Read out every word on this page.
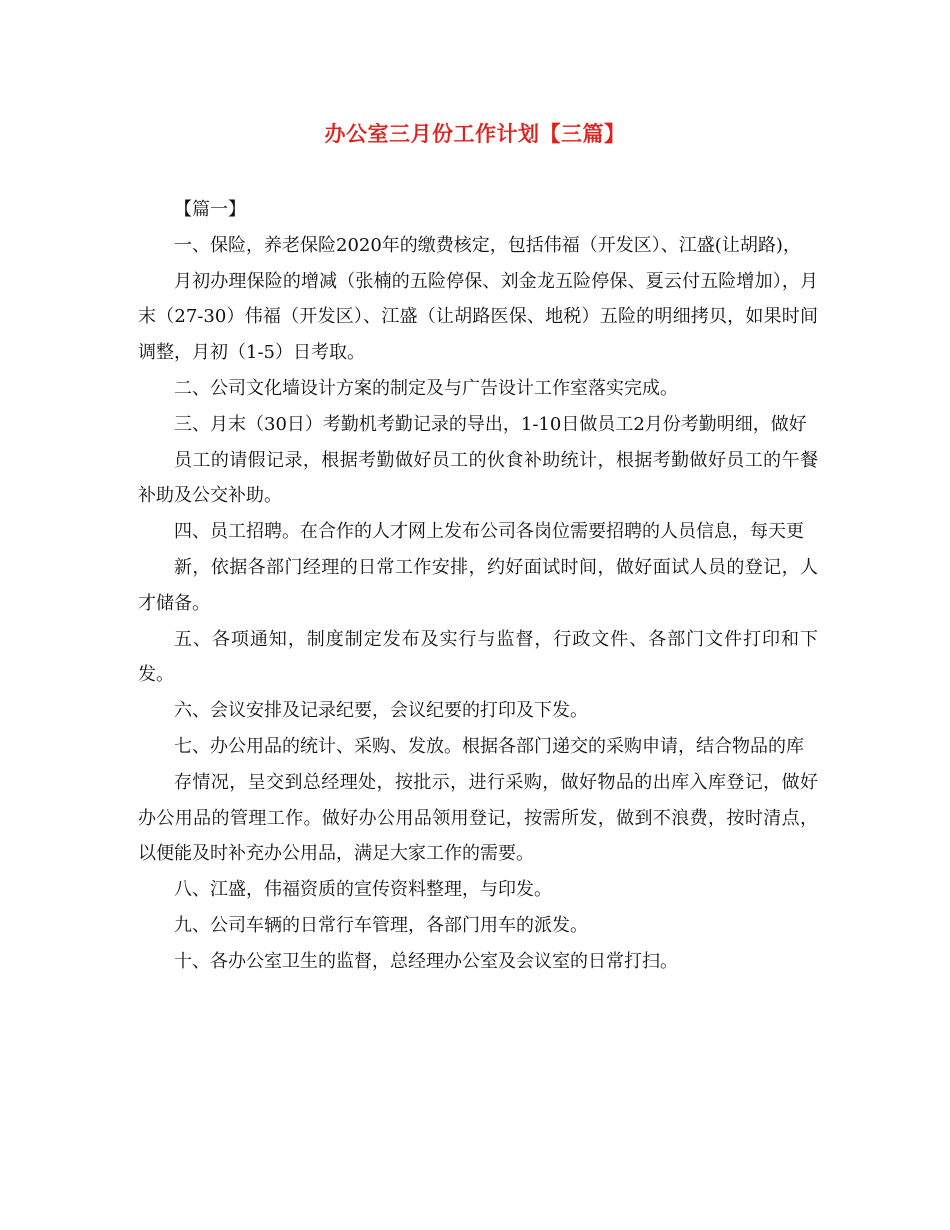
办公室三月份工作计划【三篇】

【篇一】

一、保险，养老保险2020年的缴费核定，包括伟福（开发区）、江盛(让胡路)，

月初办理保险的增减（张楠的五险停保、刘金龙五险停保、夏云付五险增加），月末（27-30）伟福（开发区）、江盛（让胡路医保、地税）五险的明细拷贝，如果时间调整，月初（1-5）日考取。

二、公司文化墙设计方案的制定及与广告设计工作室落实完成。

三、月末（30日）考勤机考勤记录的导出，1-10日做员工2月份考勤明细，做好

员工的请假记录，根据考勤做好员工的伙食补助统计，根据考勤做好员工的午餐补助及公交补助。

四、员工招聘。在合作的人才网上发布公司各岗位需要招聘的人员信息，每天更

新，依据各部门经理的日常工作安排，约好面试时间，做好面试人员的登记，人才储备。

五、各项通知，制度制定发布及实行与监督，行政文件、各部门文件打印和下发。

六、会议安排及记录纪要，会议纪要的打印及下发。

七、办公用品的统计、采购、发放。根据各部门递交的采购申请，结合物品的库

存情况，呈交到总经理处，按批示，进行采购，做好物品的出库入库登记，做好办公用品的管理工作。做好办公用品领用登记，按需所发，做到不浪费，按时清点，以便能及时补充办公用品，满足大家工作的需要。

八、江盛，伟福资质的宣传资料整理，与印发。

九、公司车辆的日常行车管理，各部门用车的派发。

十、各办公室卫生的监督，总经理办公室及会议室的日常打扫。
